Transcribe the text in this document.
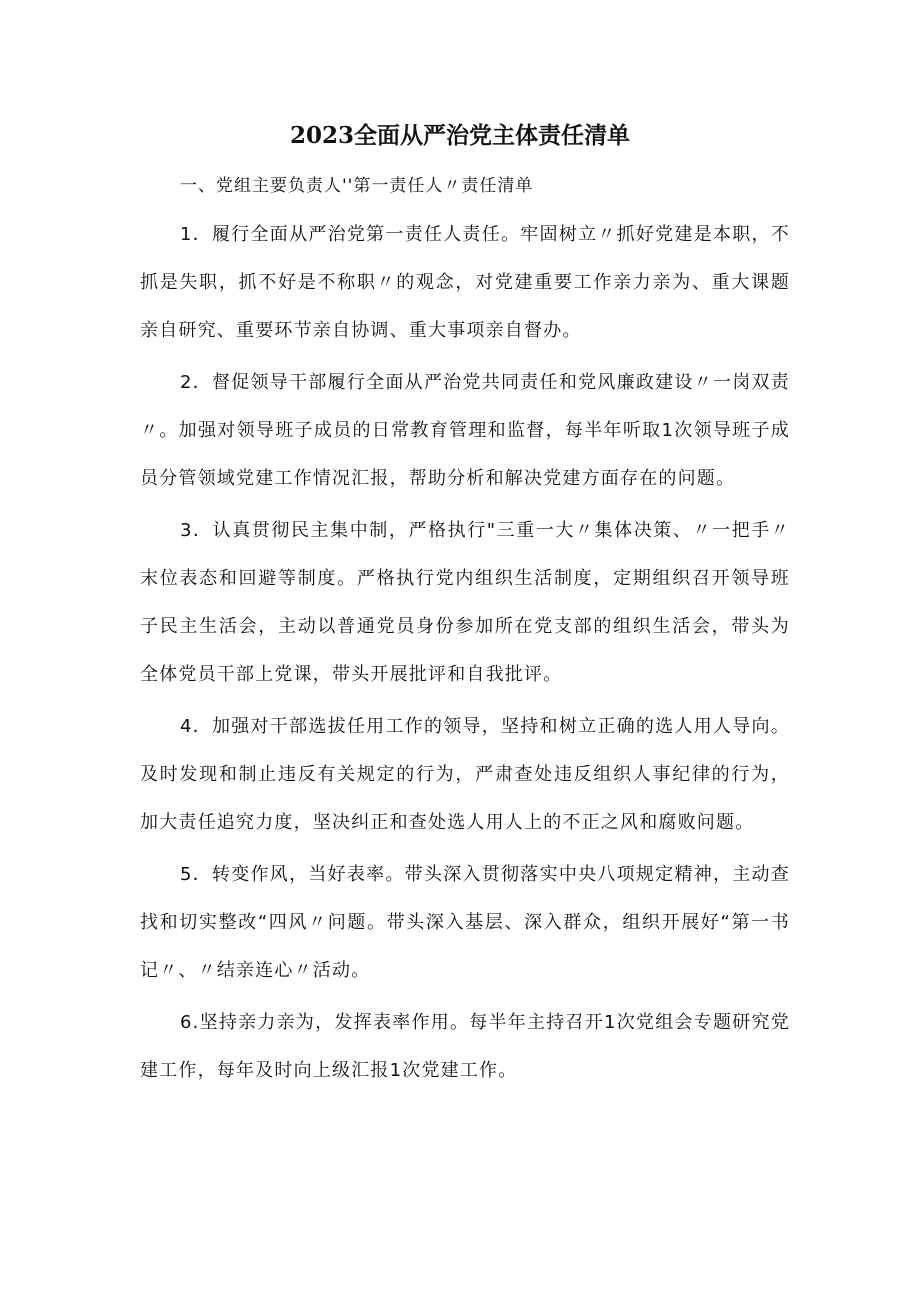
2023全面从严治党主体责任清单

一、党组主要负责人''第一责任人〃责任清单

1．履行全面从严治党第一责任人责任。牢固树立〃抓好党建是本职，不抓是失职，抓不好是不称职〃的观念，对党建重要工作亲力亲为、重大课题亲自研究、重要环节亲自协调、重大事项亲自督办。

2．督促领导干部履行全面从严治党共同责任和党风廉政建设〃一岗双责〃。加强对领导班子成员的日常教育管理和监督，每半年听取1次领导班子成员分管领域党建工作情况汇报，帮助分析和解决党建方面存在的问题。

3．认真贯彻民主集中制，严格执行"三重一大〃集体决策、〃一把手〃末位表态和回避等制度。严格执行党内组织生活制度，定期组织召开领导班子民主生活会，主动以普通党员身份参加所在党支部的组织生活会，带头为全体党员干部上党课，带头开展批评和自我批评。

4．加强对干部选拔任用工作的领导，坚持和树立正确的选人用人导向。及时发现和制止违反有关规定的行为，严肃查处违反组织人事纪律的行为，加大责任追究力度，坚决纠正和查处选人用人上的不正之风和腐败问题。

5．转变作风，当好表率。带头深入贯彻落实中央八项规定精神，主动查找和切实整改“四风〃问题。带头深入基层、深入群众，组织开展好“第一书记〃、〃结亲连心〃活动。

6.坚持亲力亲为，发挥表率作用。每半年主持召开1次党组会专题研究党建工作，每年及时向上级汇报1次党建工作。
